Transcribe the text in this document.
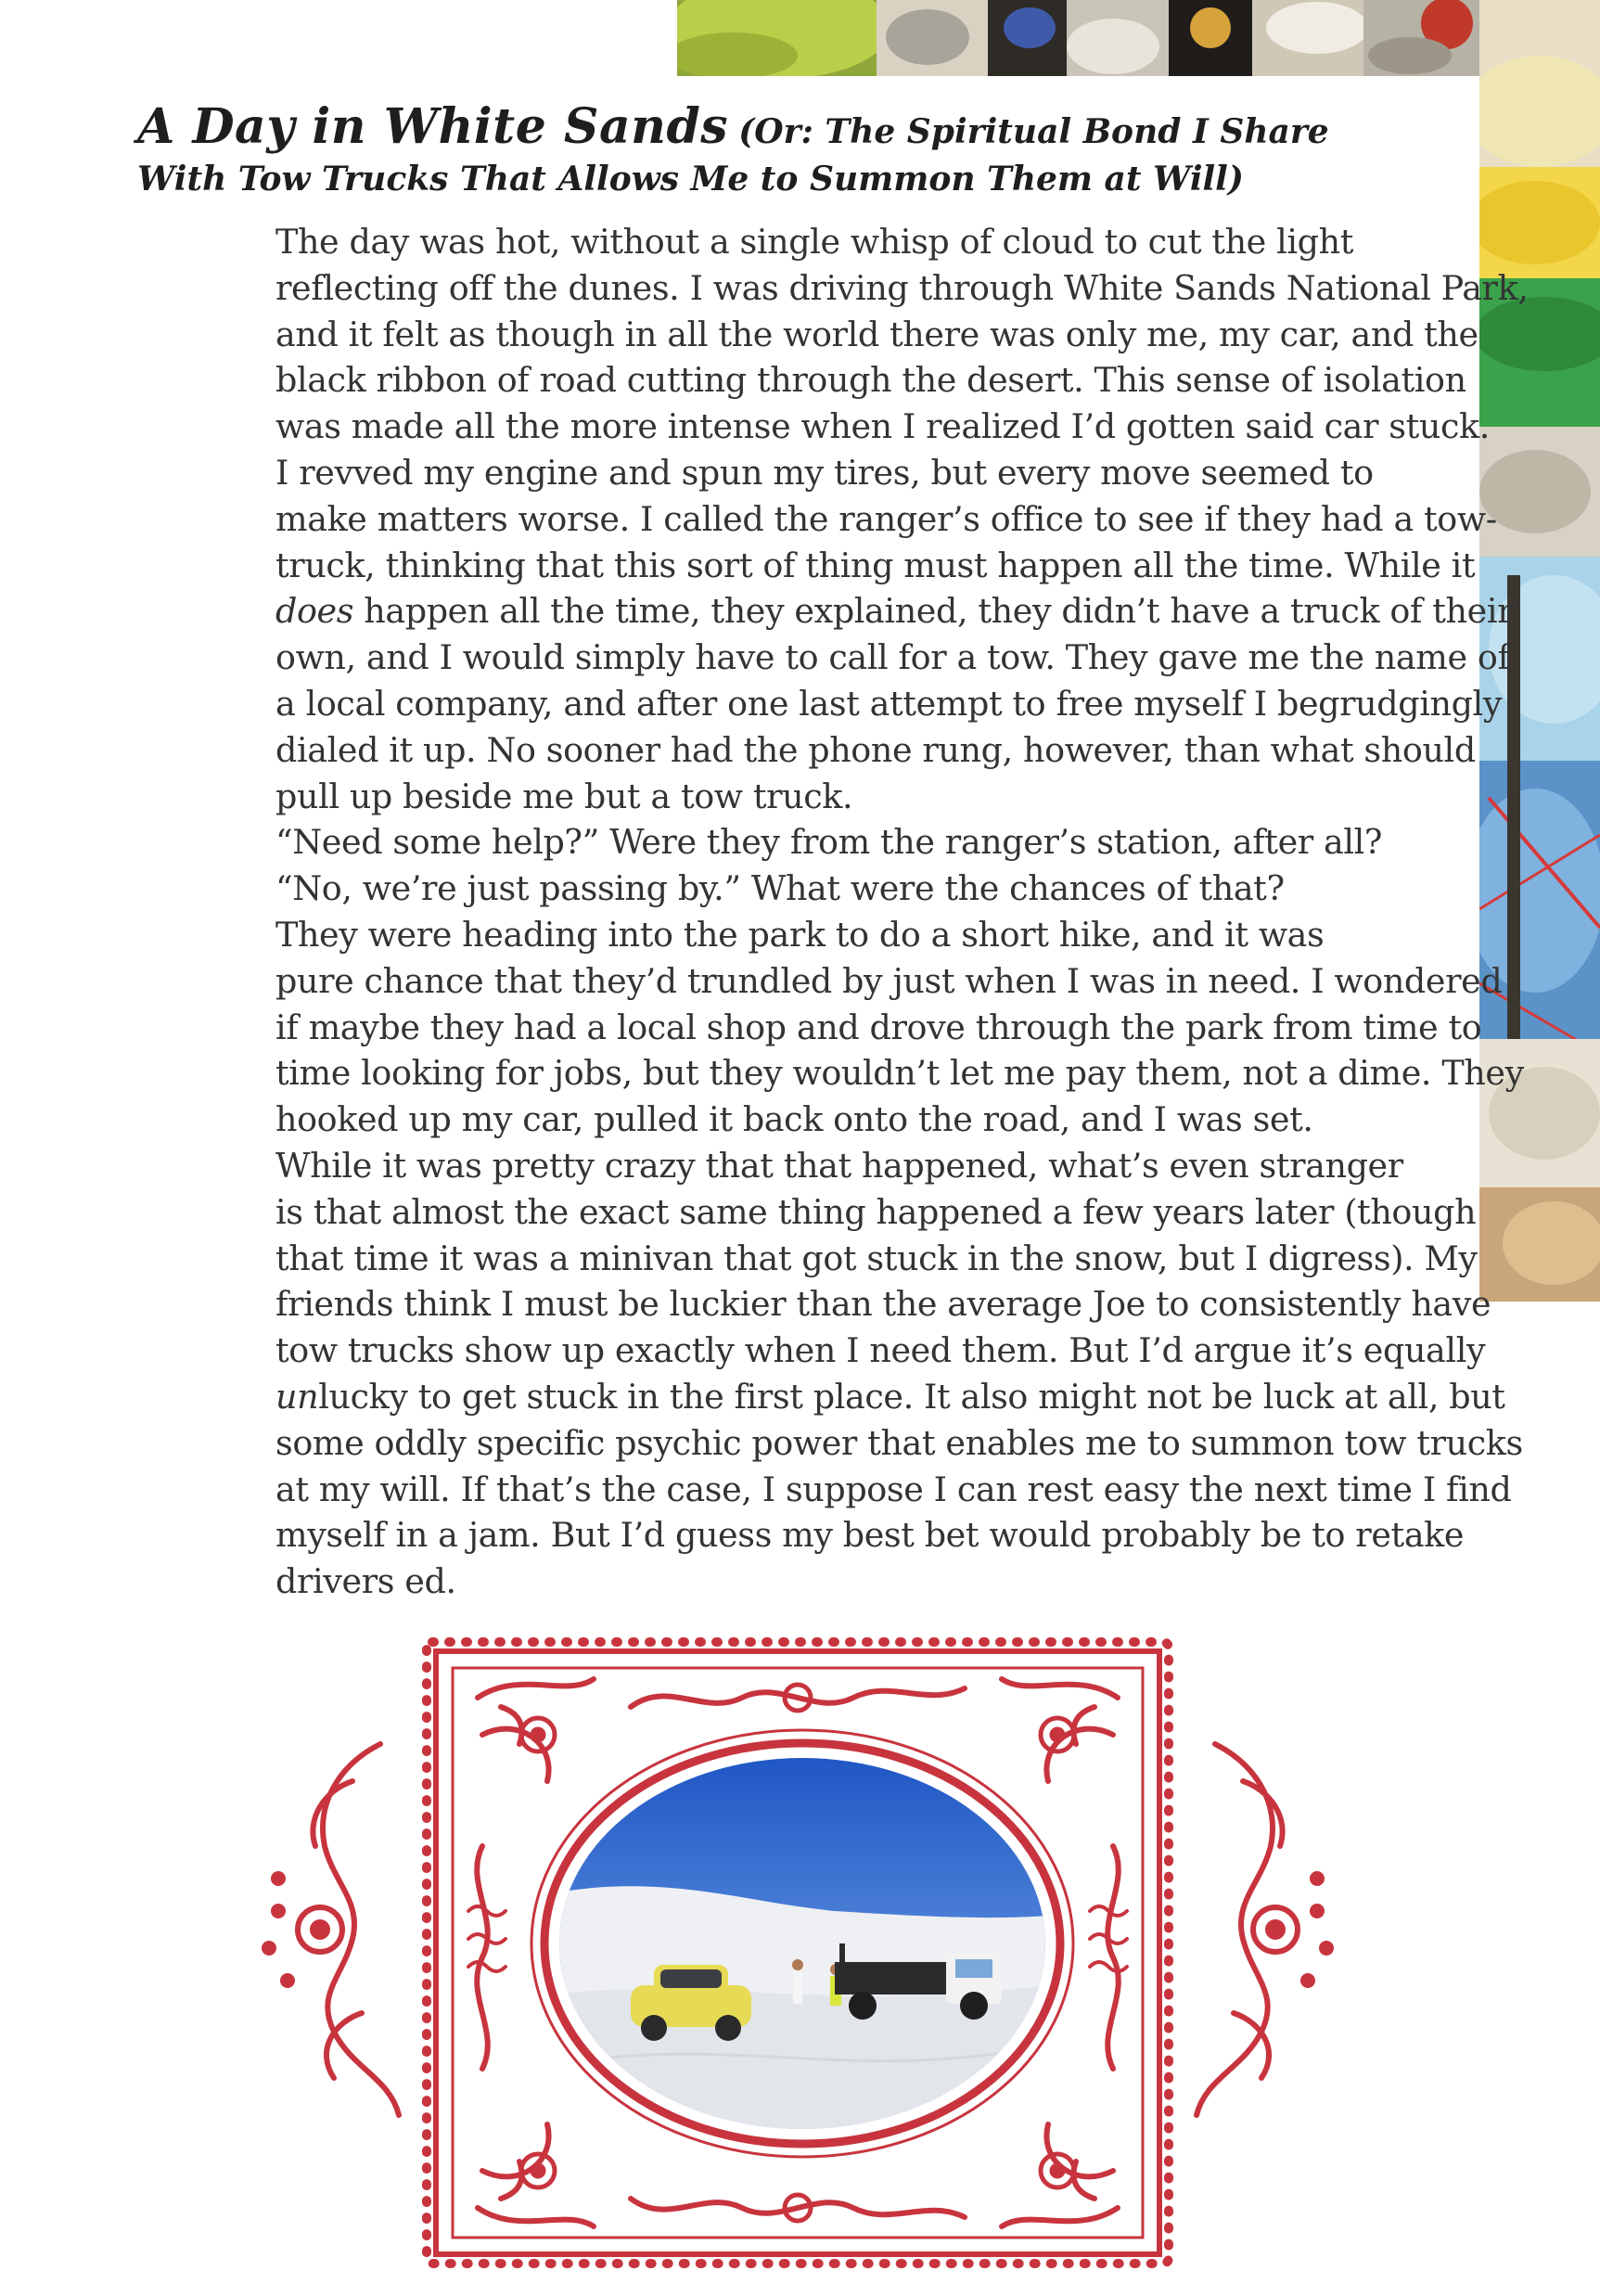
A Day in White Sands (Or: The Spiritual Bond I Share
With Tow Trucks That Allows Me to Summon Them at Will)

The day was hot, without a single whisp of cloud to cut the light
reflecting off the dunes. I was driving through White Sands National Park,
and it felt as though in all the world there was only me, my car, and the
black ribbon of road cutting through the desert. This sense of isolation
was made all the more intense when I realized I’d gotten said car stuck.

I revved my engine and spun my tires, but every move seemed to
make matters worse. I called the ranger’s office to see if they had a tow-
truck, thinking that this sort of thing must happen all the time. While it
does happen all the time, they explained, they didn’t have a truck of their
own, and I would simply have to call for a tow. They gave me the name of
a local company, and after one last attempt to free myself I begrudgingly
dialed it up. No sooner had the phone rung, however, than what should
pull up beside me but a tow truck.

“Need some help?” Were they from the ranger’s station, after all?

“No, we’re just passing by.” What were the chances of that?

They were heading into the park to do a short hike, and it was
pure chance that they’d trundled by just when I was in need. I wondered
if maybe they had a local shop and drove through the park from time to
time looking for jobs, but they wouldn’t let me pay them, not a dime. They
hooked up my car, pulled it back onto the road, and I was set.

While it was pretty crazy that that happened, what’s even stranger
is that almost the exact same thing happened a few years later (though
that time it was a minivan that got stuck in the snow, but I digress). My
friends think I must be luckier than the average Joe to consistently have
tow trucks show up exactly when I need them. But I’d argue it’s equally
unlucky to get stuck in the first place. It also might not be luck at all, but
some oddly specific psychic power that enables me to summon tow trucks
at my will. If that’s the case, I suppose I can rest easy the next time I find
myself in a jam. But I’d guess my best bet would probably be to retake
drivers ed.
